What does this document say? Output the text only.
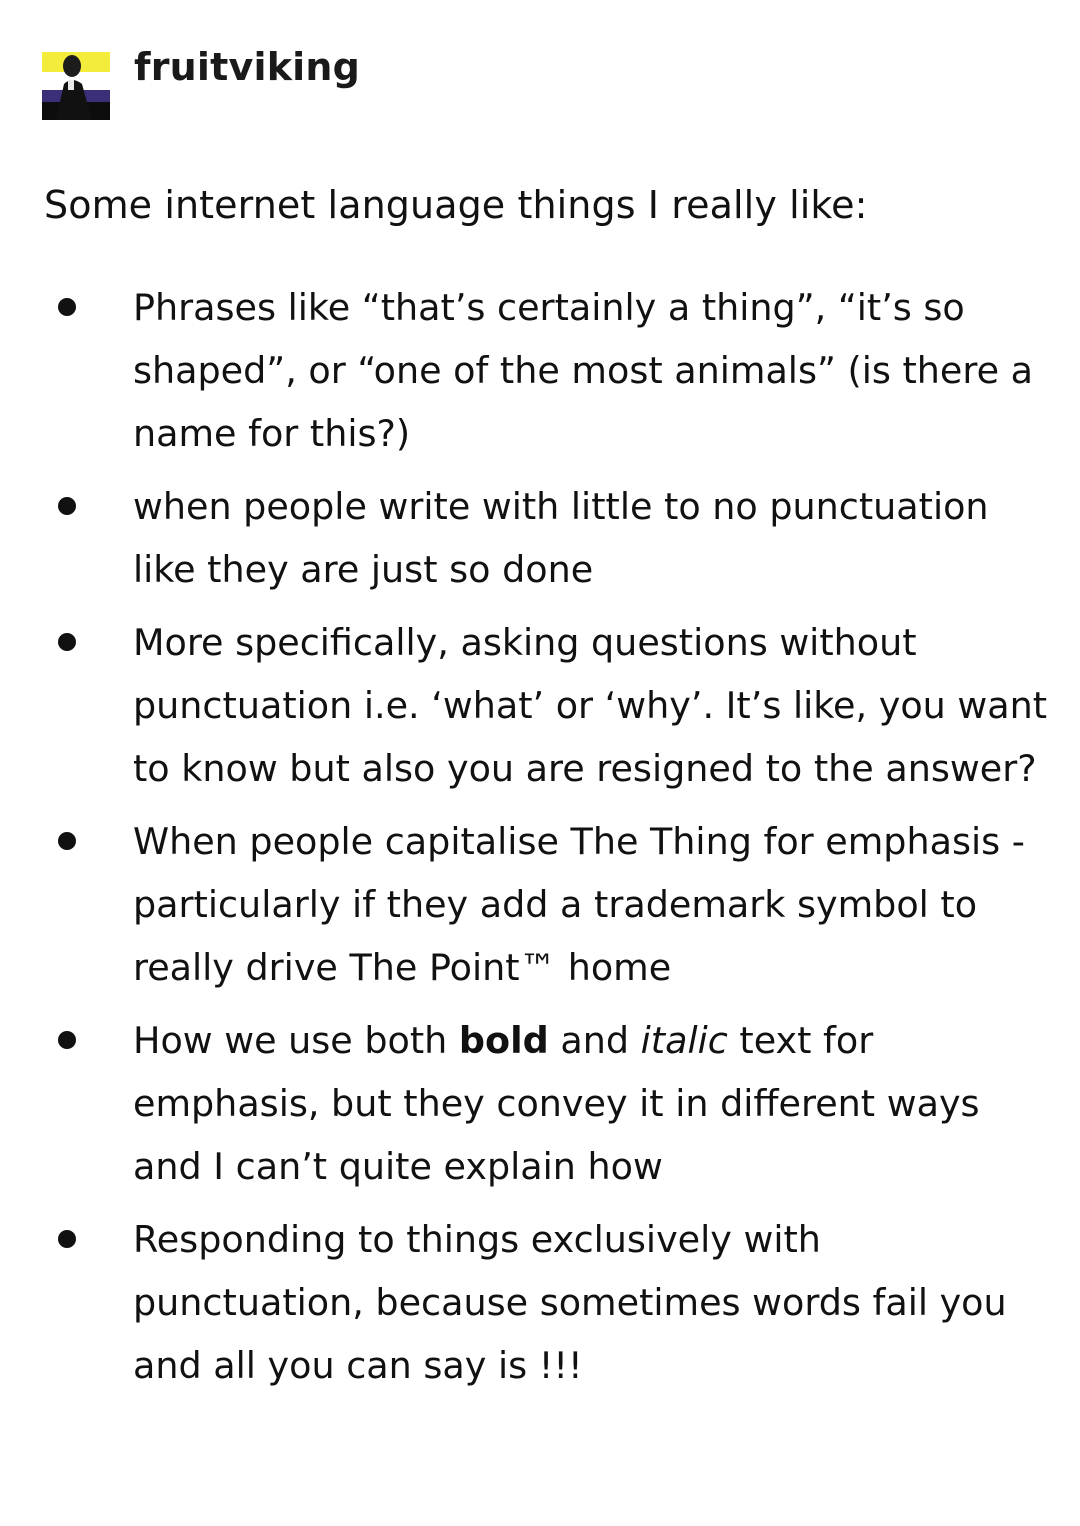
fruitviking

Some internet language things I really like:

Phrases like “that’s certainly a thing”, “it’s so shaped”, or “one of the most animals” (is there a name for this?)
when people write with little to no punctuation like they are just so done
More specifically, asking questions without punctuation i.e. ‘what’ or ‘why’. It’s like, you want to know but also you are resigned to the answer?
When people capitalise The Thing for emphasis - particularly if they add a trademark symbol to really drive The Point™ home
How we use both bold and italic text for emphasis, but they convey it in different ways and I can’t quite explain how
Responding to things exclusively with punctuation, because sometimes words fail you and all you can say is !!!
